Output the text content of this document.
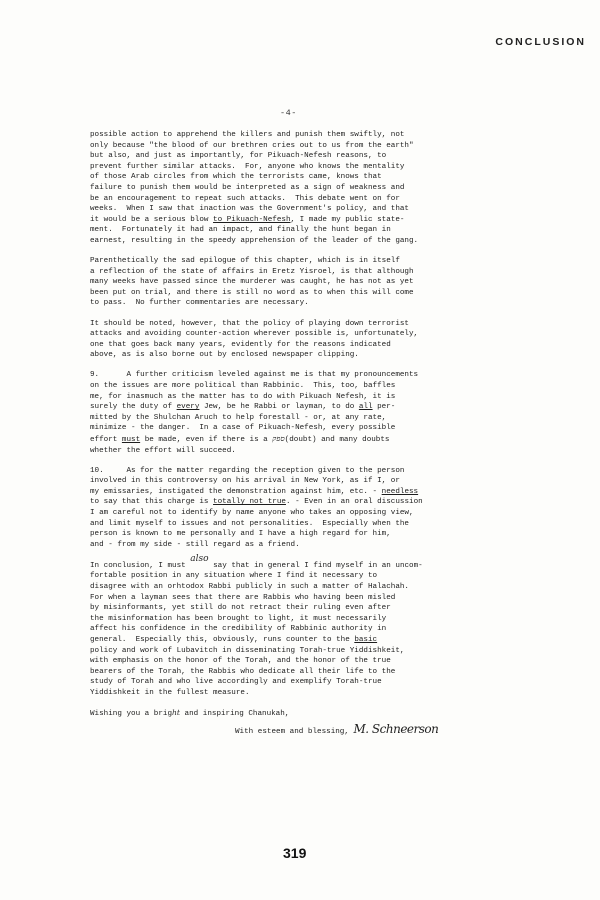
CONCLUSION
-4-
possible action to apprehend the killers and punish them swiftly, not
only because "the blood of our brethren cries out to us from the earth"
but also, and just as importantly, for Pikuach-Nefesh reasons, to
prevent further similar attacks.  For, anyone who knows the mentality
of those Arab circles from which the terrorists came, knows that
failure to punish them would be interpreted as a sign of weakness and
be an encouragement to repeat such attacks.  This debate went on for
weeks.  When I saw that inaction was the Government's policy, and that
it would be a serious blow to Pikuach-Nefesh, I made my public state-
ment.  Fortunately it had an impact, and finally the hunt began in
earnest, resulting in the speedy apprehension of the leader of the gang.
Parenthetically the sad epilogue of this chapter, which is in itself
a reflection of the state of affairs in Eretz Yisroel, is that although
many weeks have passed since the murderer was caught, he has not as yet
been put on trial, and there is still no word as to when this will come
to pass.  No further commentaries are necessary.
It should be noted, however, that the policy of playing down terrorist
attacks and avoiding counter-action wherever possible is, unfortunately,
one that goes back many years, evidently for the reasons indicated
above, as is also borne out by enclosed newspaper clipping.
9.      A further criticism leveled against me is that my pronouncements
on the issues are more political than Rabbinic.  This, too, baffles
me, for inasmuch as the matter has to do with Pikuach Nefesh, it is
surely the duty of every Jew, be he Rabbi or layman, to do all per-
mitted by the Shulchan Aruch to help forestall - or, at any rate,
minimize - the danger.  In a case of Pikuach-Nefesh, every possible
effort must be made, even if there is a ספק(doubt) and many doubts
whether the effort will succeed.
10.     As for the matter regarding the reception given to the person
involved in this controversy on his arrival in New York, as if I, or
my emissaries, instigated the demonstration against him, etc. - needless
to say that this charge is totally not true. - Even in an oral discussion
I am careful not to identify by name anyone who takes an opposing view,
and limit myself to issues and not personalities.  Especially when the
person is known to me personally and I have a high regard for him,
and - from my side - still regard as a friend.
In conclusion, I must also say that in general I find myself in an uncom-
fortable position in any situation where I find it necessary to
disagree with an orhtodox Rabbi publicly in such a matter of Halachah.
For when a layman sees that there are Rabbis who having been misled
by misinformants, yet still do not retract their ruling even after
the misinformation has been brought to light, it must necessarily
affect his confidence in the credibility of Rabbinic authority in
general.  Especially this, obviously, runs counter to the basic
policy and work of Lubavitch in disseminating Torah-true Yiddishkeit,
with emphasis on the honor of the Torah, and the honor of the true
bearers of the Torah, the Rabbis who dedicate all their life to the
study of Torah and who live accordingly and exemplify Torah-true
Yiddishkeit in the fullest measure.
Wishing you a bright and inspiring Chanukah,
With esteem and blessing, M. Schneerson
319
